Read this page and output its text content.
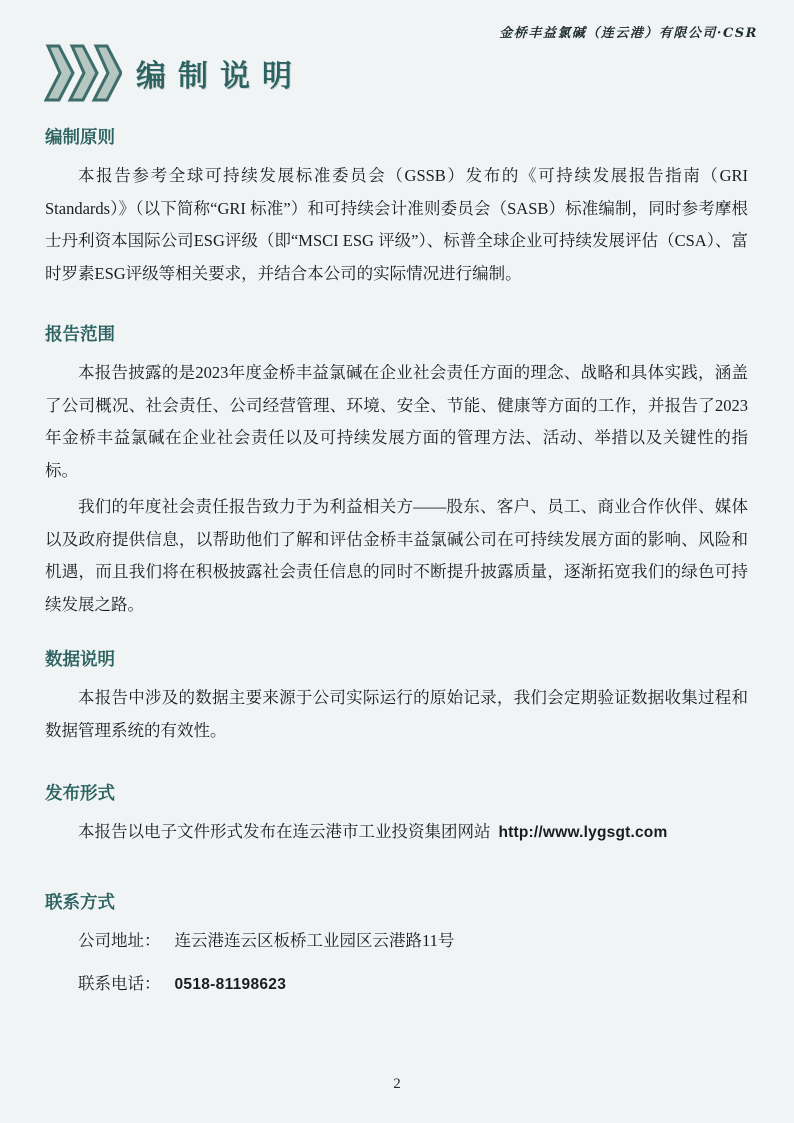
金桥丰益氯碱（连云港）有限公司·CSR
编制说明
编制原则

本报告参考全球可持续发展标准委员会（GSSB）发布的《可持续发展报告指南（GRI Standards）》（以下简称“GRI 标准”）和可持续会计准则委员会（SASB）标准编制，同时参考摩根士丹利资本国际公司ESG评级（即“MSCI ESG 评级”）、标普全球企业可持续发展评估（CSA）、富时罗素ESG评级等相关要求，并结合本公司的实际情况进行编制。

报告范围

本报告披露的是2023年度金桥丰益氯碱在企业社会责任方面的理念、战略和具体实践，涵盖了公司概况、社会责任、公司经营管理、环境、安全、节能、健康等方面的工作，并报告了2023 年金桥丰益氯碱在企业社会责任以及可持续发展方面的管理方法、活动、举措以及关键性的指标。

我们的年度社会责任报告致力于为利益相关方——股东、客户、员工、商业合作伙伴、媒体以及政府提供信息，以帮助他们了解和评估金桥丰益氯碱公司在可持续发展方面的影响、风险和机遇，而且我们将在积极披露社会责任信息的同时不断提升披露质量，逐渐拓宽我们的绿色可持续发展之路。

数据说明

本报告中涉及的数据主要来源于公司实际运行的原始记录，我们会定期验证数据收集过程和数据管理系统的有效性。

发布形式

本报告以电子文件形式发布在连云港市工业投资集团网站 http://www.lygsgt.com

联系方式
公司地址： 连云港连云区板桥工业园区云港路11号
联系电话： 0518-81198623
2
